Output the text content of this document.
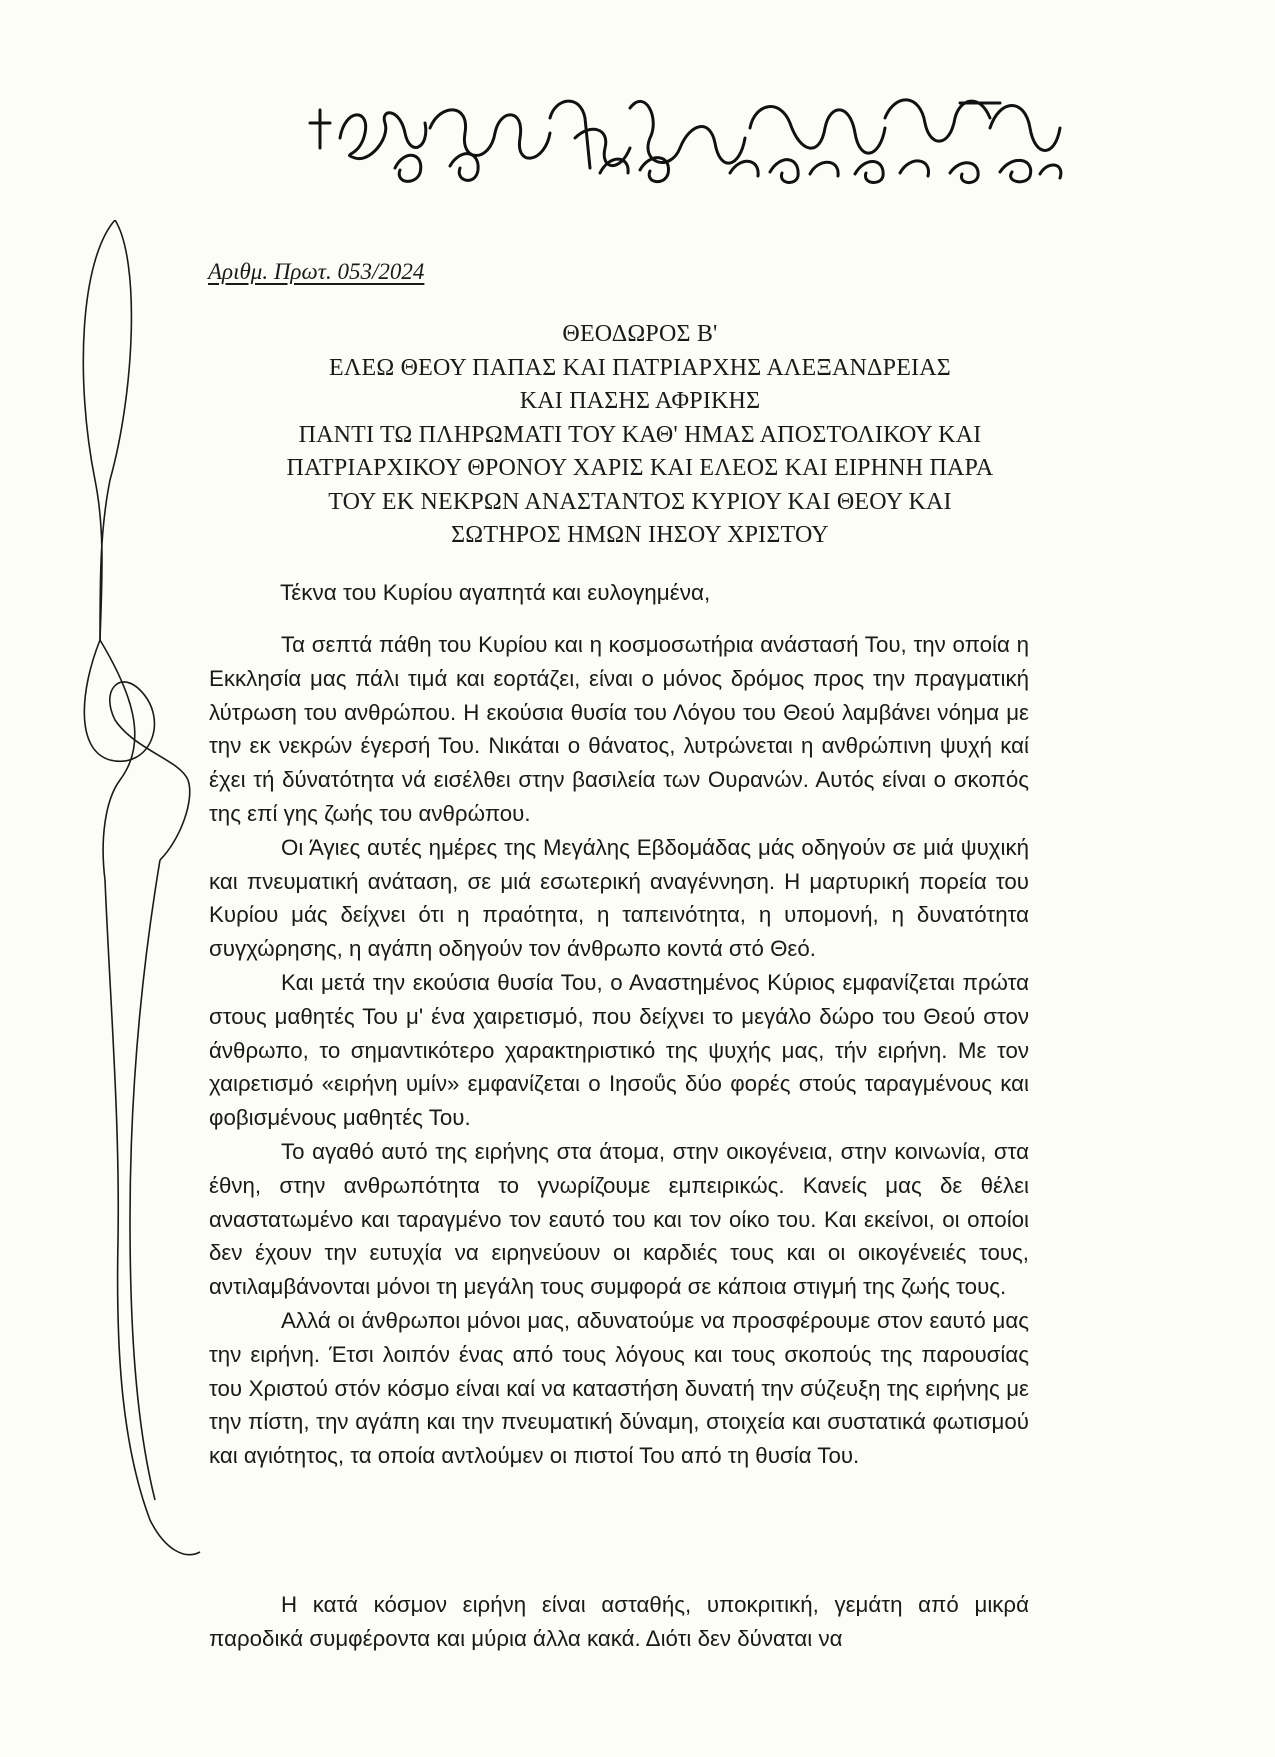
Αριθμ. Πρωτ. 053/2024
ΘΕΟΔΩΡΟΣ Β'
ΕΛΕΩ ΘΕΟΥ ΠΑΠΑΣ ΚΑΙ ΠΑΤΡΙΑΡΧΗΣ ΑΛΕΞΑΝΔΡΕΙΑΣ
ΚΑΙ ΠΑΣΗΣ ΑΦΡΙΚΗΣ
ΠΑΝΤΙ ΤΩ ΠΛΗΡΩΜΑΤΙ ΤΟΥ ΚΑΘ' ΗΜΑΣ ΑΠΟΣΤΟΛΙΚΟΥ ΚΑΙ
ΠΑΤΡΙΑΡΧΙΚΟΥ ΘΡΟΝΟΥ ΧΑΡΙΣ ΚΑΙ ΕΛΕΟΣ ΚΑΙ ΕΙΡΗΝΗ ΠΑΡΑ
ΤΟΥ ΕΚ ΝΕΚΡΩΝ ΑΝΑΣΤΑΝΤΟΣ ΚΥΡΙΟΥ ΚΑΙ ΘΕΟΥ ΚΑΙ
ΣΩΤΗΡΟΣ ΗΜΩΝ ΙΗΣΟΥ ΧΡΙΣΤΟΥ
Τέκνα του Κυρίου αγαπητά και ευλογημένα,

Τα σεπτά πάθη του Κυρίου και η κοσμοσωτήρια ανάστασή Του, την οποία η Εκκλησία μας πάλι τιμά και εορτάζει, είναι ο μόνος δρόμος προς την πραγματική λύτρωση του ανθρώπου. Η εκούσια θυσία του Λόγου του Θεού λαμβάνει νόημα με την εκ νεκρών έγερσή Του. Νικάται ο θάνατος, λυτρώνεται η ανθρώπινη ψυχή καί έχει τή δύνατότητα νά εισέλθει στην βασιλεία των Ουρανών. Αυτός είναι ο σκοπός της επί γης ζωής του ανθρώπου.

Οι Άγιες αυτές ημέρες της Μεγάλης Εβδομάδας μάς οδηγούν σε μιά ψυχική και πνευματική ανάταση, σε μιά εσωτερική αναγέννηση. Η μαρτυρική πορεία του Κυρίου μάς δείχνει ότι η πραότητα, η ταπεινότητα, η υπομονή, η δυνατότητα συγχώρησης, η αγάπη οδηγούν τον άνθρωπο κοντά στό Θεό.

Και μετά την εκούσια θυσία Του, ο Αναστημένος Κύριος εμφανίζεται πρώτα στους μαθητές Του μ' ένα χαιρετισμό, που δείχνει το μεγάλο δώρο του Θεού στον άνθρωπο, το σημαντικότερο χαρακτηριστικό της ψυχής μας, τήν ειρήνη. Με τον χαιρετισμό «ειρήνη υμίν» εμφανίζεται ο Ιησοΰς δύο φορές στούς ταραγμένους και φοβισμένους μαθητές Του.

Το αγαθό αυτό της ειρήνης στα άτομα, στην οικογένεια, στην κοινωνία, στα έθνη, στην ανθρωπότητα το γνωρίζουμε εμπειρικώς. Κανείς μας δε θέλει αναστατωμένο και ταραγμένο τον εαυτό του και τον οίκο του. Και εκείνοι, οι οποίοι δεν έχουν την ευτυχία να ειρηνεύουν οι καρδιές τους και οι οικογένειές τους, αντιλαμβάνονται μόνοι τη μεγάλη τους συμφορά σε κάποια στιγμή της ζωής τους.

Αλλά οι άνθρωποι μόνοι μας, αδυνατούμε να προσφέρουμε στον εαυτό μας την ειρήνη. Έτσι λοιπόν ένας από τους λόγους και τους σκοπούς της παρουσίας του Χριστού στόν κόσμο είναι καί να καταστήση δυνατή την σύζευξη της ειρήνης με την πίστη, την αγάπη και την πνευματική δύναμη, στοιχεία και συστατικά φωτισμού και αγιότητος, τα οποία αντλούμεν οι πιστοί Του από τη θυσία Του.

Η κατά κόσμον ειρήνη είναι ασταθής, υποκριτική, γεμάτη από μικρά παροδικά συμφέροντα και μύρια άλλα κακά. Διότι δεν δύναται να
